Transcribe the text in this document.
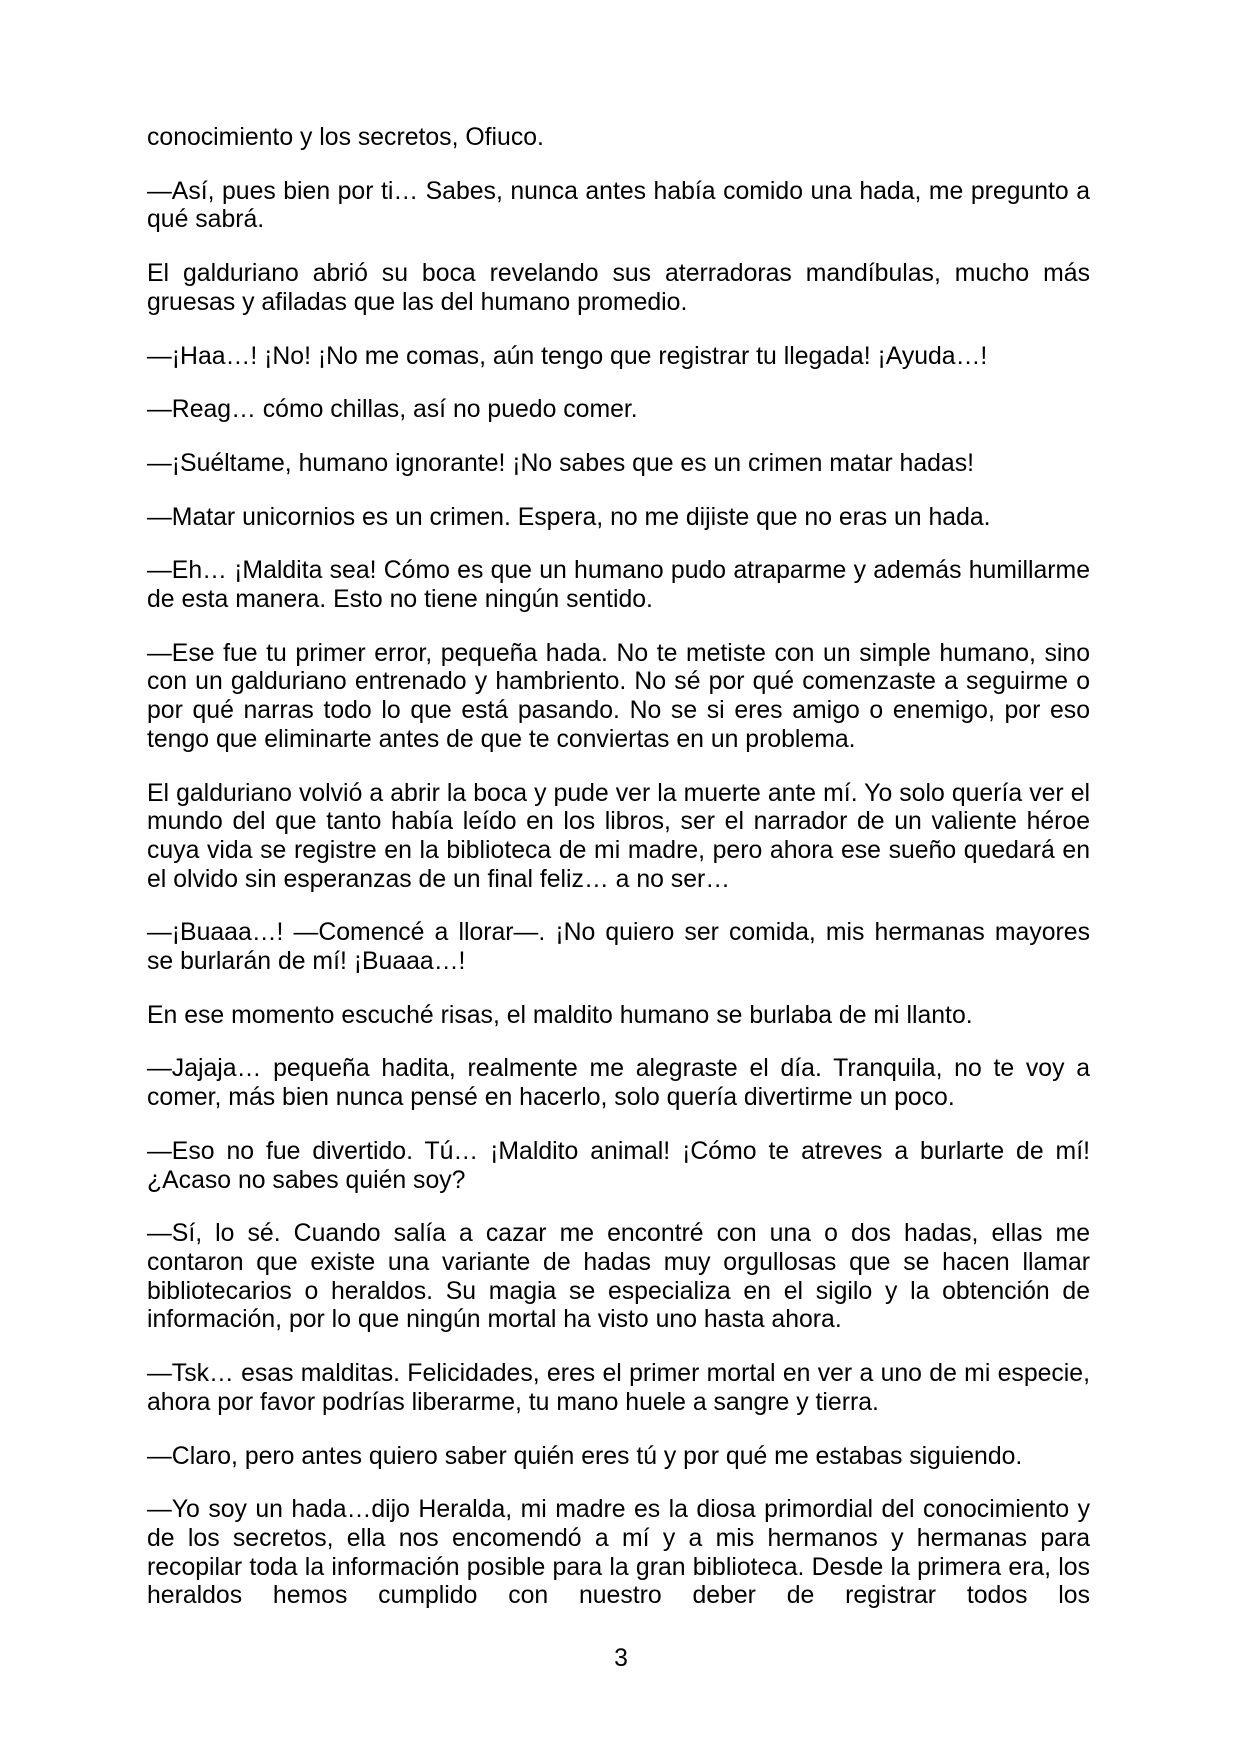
conocimiento y los secretos, Ofiuco.

—Así, pues bien por ti… Sabes, nunca antes había comido una hada, me pregunto a qué sabrá.

El galduriano abrió su boca revelando sus aterradoras mandíbulas, mucho más gruesas y afiladas que las del humano promedio.

—¡Haa…! ¡No! ¡No me comas, aún tengo que registrar tu llegada! ¡Ayuda…!

—Reag… cómo chillas, así no puedo comer.

—¡Suéltame, humano ignorante! ¡No sabes que es un crimen matar hadas!

—Matar unicornios es un crimen. Espera, no me dijiste que no eras un hada.

—Eh… ¡Maldita sea! Cómo es que un humano pudo atraparme y además humillarme de esta manera. Esto no tiene ningún sentido.

—Ese fue tu primer error, pequeña hada. No te metiste con un simple humano, sino con un galduriano entrenado y hambriento. No sé por qué comenzaste a seguirme o por qué narras todo lo que está pasando. No se si eres amigo o enemigo, por eso tengo que eliminarte antes de que te conviertas en un problema.

El galduriano volvió a abrir la boca y pude ver la muerte ante mí. Yo solo quería ver el mundo del que tanto había leído en los libros, ser el narrador de un valiente héroe cuya vida se registre en la biblioteca de mi madre, pero ahora ese sueño quedará en el olvido sin esperanzas de un final feliz… a no ser…

—¡Buaaa…! —Comencé a llorar—. ¡No quiero ser comida, mis hermanas mayores se burlarán de mí! ¡Buaaa…!

En ese momento escuché risas, el maldito humano se burlaba de mi llanto.

—Jajaja… pequeña hadita, realmente me alegraste el día. Tranquila, no te voy a comer, más bien nunca pensé en hacerlo, solo quería divertirme un poco.

—Eso no fue divertido. Tú… ¡Maldito animal! ¡Cómo te atreves a burlarte de mí! ¿Acaso no sabes quién soy?

—Sí, lo sé. Cuando salía a cazar me encontré con una o dos hadas, ellas me contaron que existe una variante de hadas muy orgullosas que se hacen llamar bibliotecarios o heraldos. Su magia se especializa en el sigilo y la obtención de información, por lo que ningún mortal ha visto uno hasta ahora.

—Tsk… esas malditas. Felicidades, eres el primer mortal en ver a uno de mi especie, ahora por favor podrías liberarme, tu mano huele a sangre y tierra.

—Claro, pero antes quiero saber quién eres tú y por qué me estabas siguiendo.

—Yo soy un hada…dijo Heralda, mi madre es la diosa primordial del conocimiento y de los secretos, ella nos encomendó a mí y a mis hermanos y hermanas para recopilar toda la información posible para la gran biblioteca. Desde la primera era, los heraldos hemos cumplido con nuestro deber de registrar todos los

3
